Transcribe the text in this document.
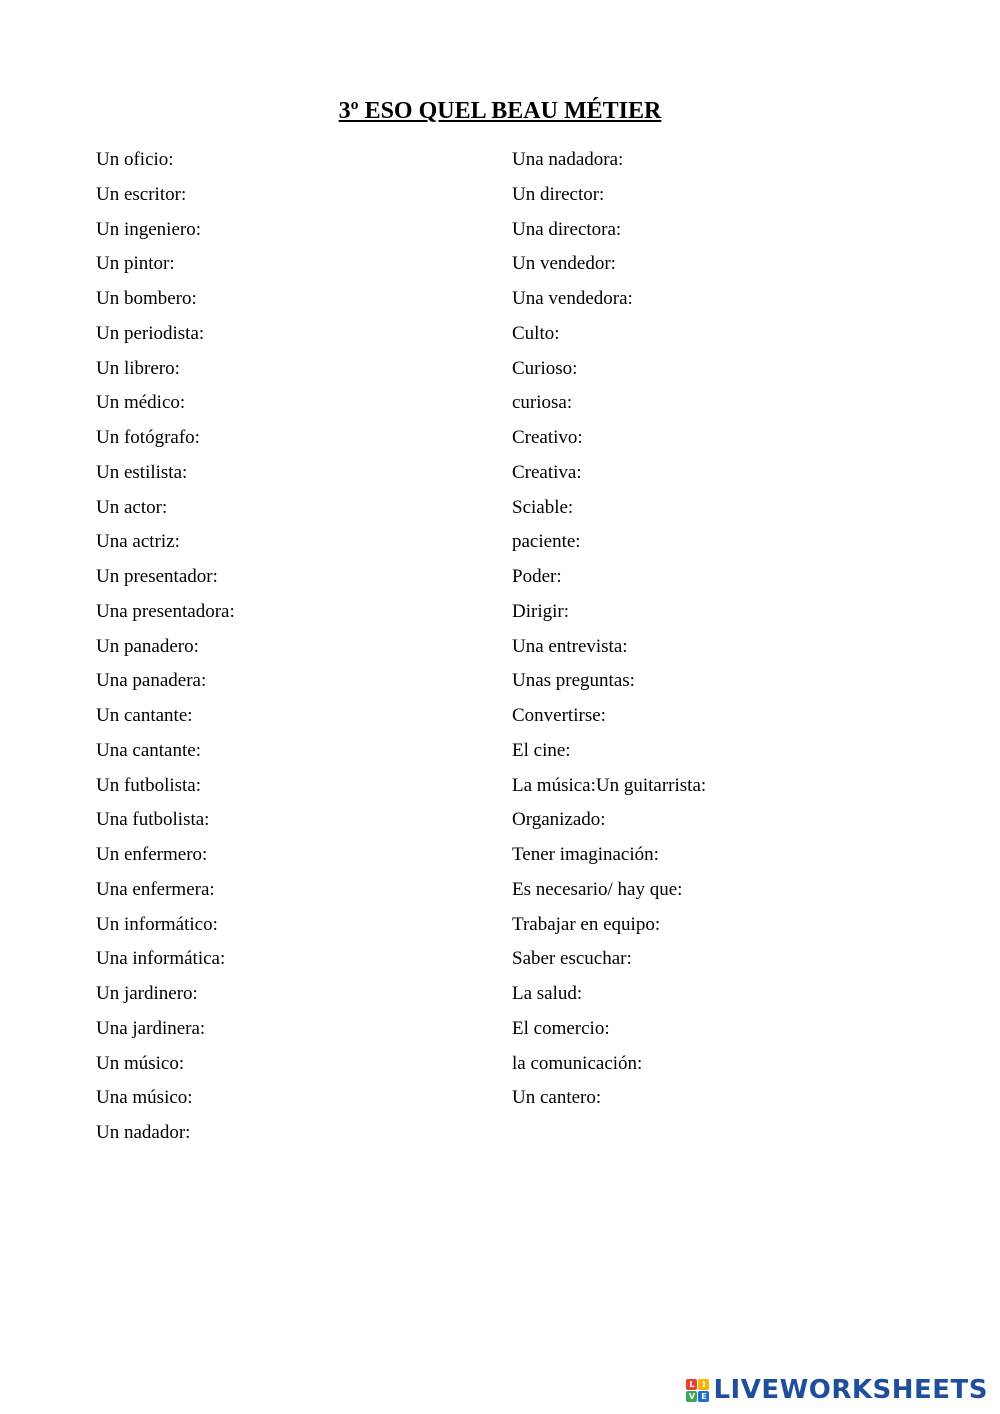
3º ESO QUEL BEAU MÉTIER
Un oficio:
Un escritor:
Un ingeniero:
Un pintor:
Un bombero:
Un periodista:
Un librero:
Un médico:
Un fotógrafo:
Un estilista:
Un actor:
Una actriz:
Un presentador:
Una presentadora:
Un panadero:
Una panadera:
Un cantante:
Una cantante:
Un futbolista:
Una futbolista:
Un enfermero:
Una enfermera:
Un informático:
Una informática:
Un jardinero:
Una jardinera:
Un músico:
Una músico:
Un nadador:
Una nadadora:
Un director:
Una directora:
Un vendedor:
Una vendedora:
Culto:
Curioso:
curiosa:
Creativo:
Creativa:
Sciable:
paciente:
Poder:
Dirigir:
Una entrevista:
Unas preguntas:
Convertirse:
El cine:
La música:Un guitarrista:
Organizado:
Tener imaginación:
Es necesario/ hay que:
Trabajar en equipo:
Saber escuchar:
La salud:
El comercio:
la comunicación:
Un cantero:
L I
V E LIVEWORKSHEETS
